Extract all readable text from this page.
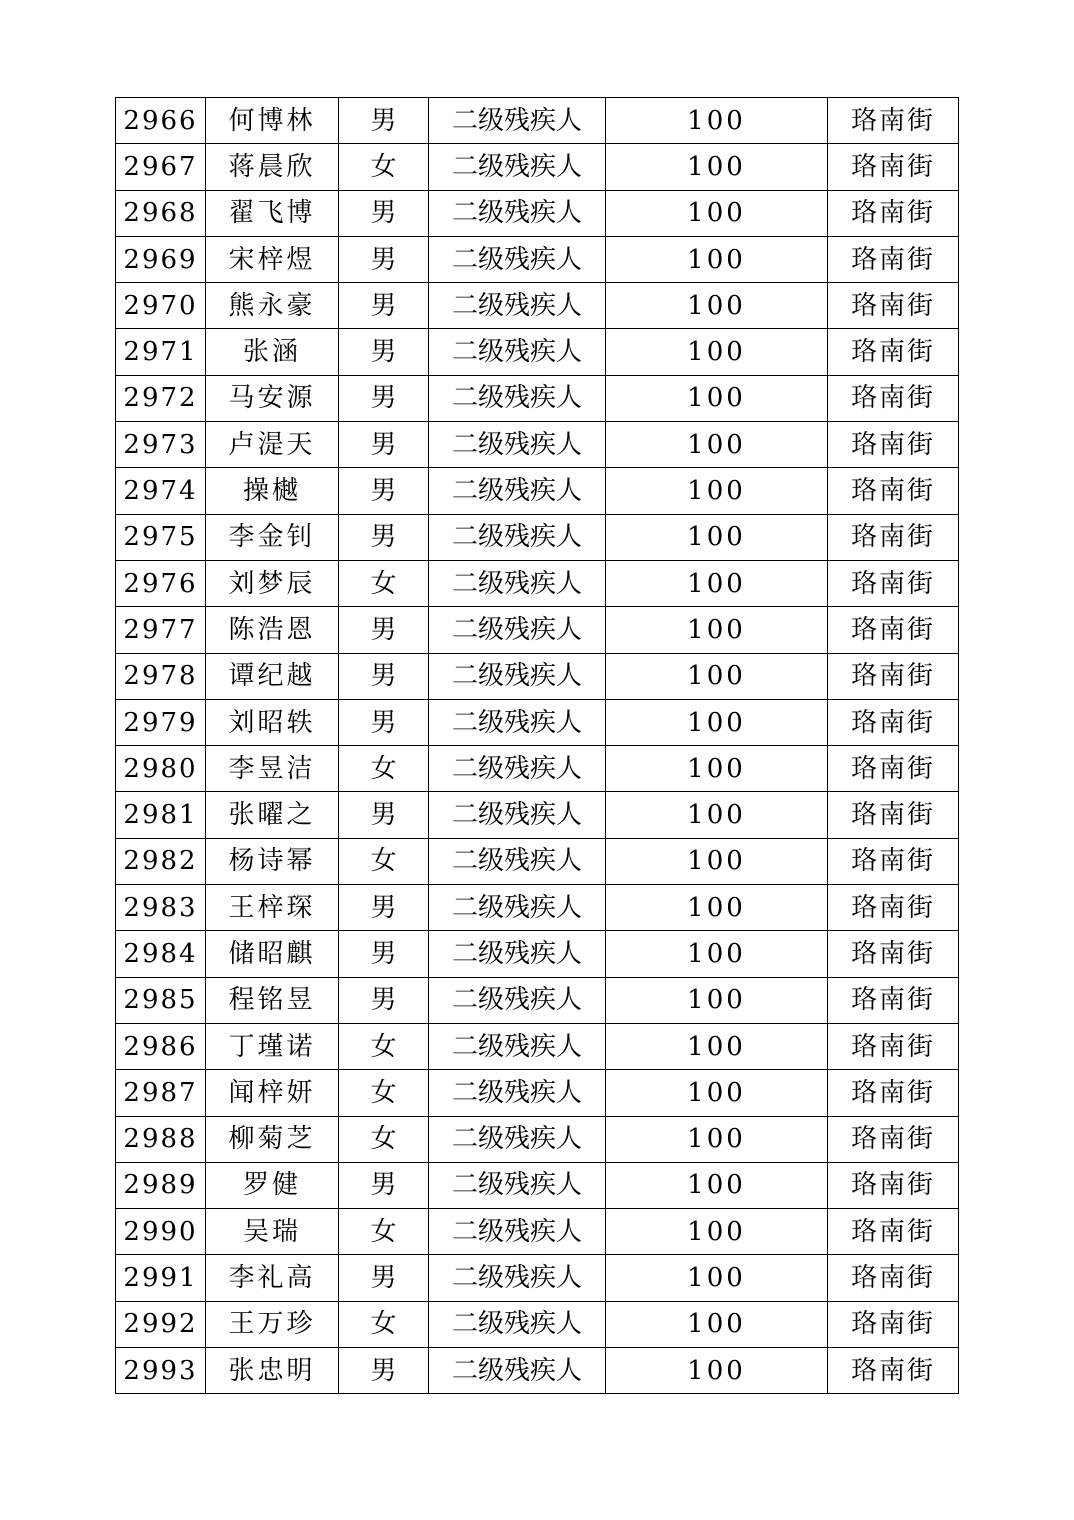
2966	何博林	男	二级残疾人	100	珞南街
2967	蒋晨欣	女	二级残疾人	100	珞南街
2968	翟飞博	男	二级残疾人	100	珞南街
2969	宋梓煜	男	二级残疾人	100	珞南街
2970	熊永豪	男	二级残疾人	100	珞南街
2971	张涵	男	二级残疾人	100	珞南街
2972	马安源	男	二级残疾人	100	珞南街
2973	卢湜天	男	二级残疾人	100	珞南街
2974	操樾	男	二级残疾人	100	珞南街
2975	李金钊	男	二级残疾人	100	珞南街
2976	刘梦辰	女	二级残疾人	100	珞南街
2977	陈浩恩	男	二级残疾人	100	珞南街
2978	谭纪越	男	二级残疾人	100	珞南街
2979	刘昭轶	男	二级残疾人	100	珞南街
2980	李昱洁	女	二级残疾人	100	珞南街
2981	张曜之	男	二级残疾人	100	珞南街
2982	杨诗幂	女	二级残疾人	100	珞南街
2983	王梓琛	男	二级残疾人	100	珞南街
2984	储昭麒	男	二级残疾人	100	珞南街
2985	程铭昱	男	二级残疾人	100	珞南街
2986	丁瑾诺	女	二级残疾人	100	珞南街
2987	闻梓妍	女	二级残疾人	100	珞南街
2988	柳菊芝	女	二级残疾人	100	珞南街
2989	罗健	男	二级残疾人	100	珞南街
2990	吴瑞	女	二级残疾人	100	珞南街
2991	李礼高	男	二级残疾人	100	珞南街
2992	王万珍	女	二级残疾人	100	珞南街
2993	张忠明	男	二级残疾人	100	珞南街
